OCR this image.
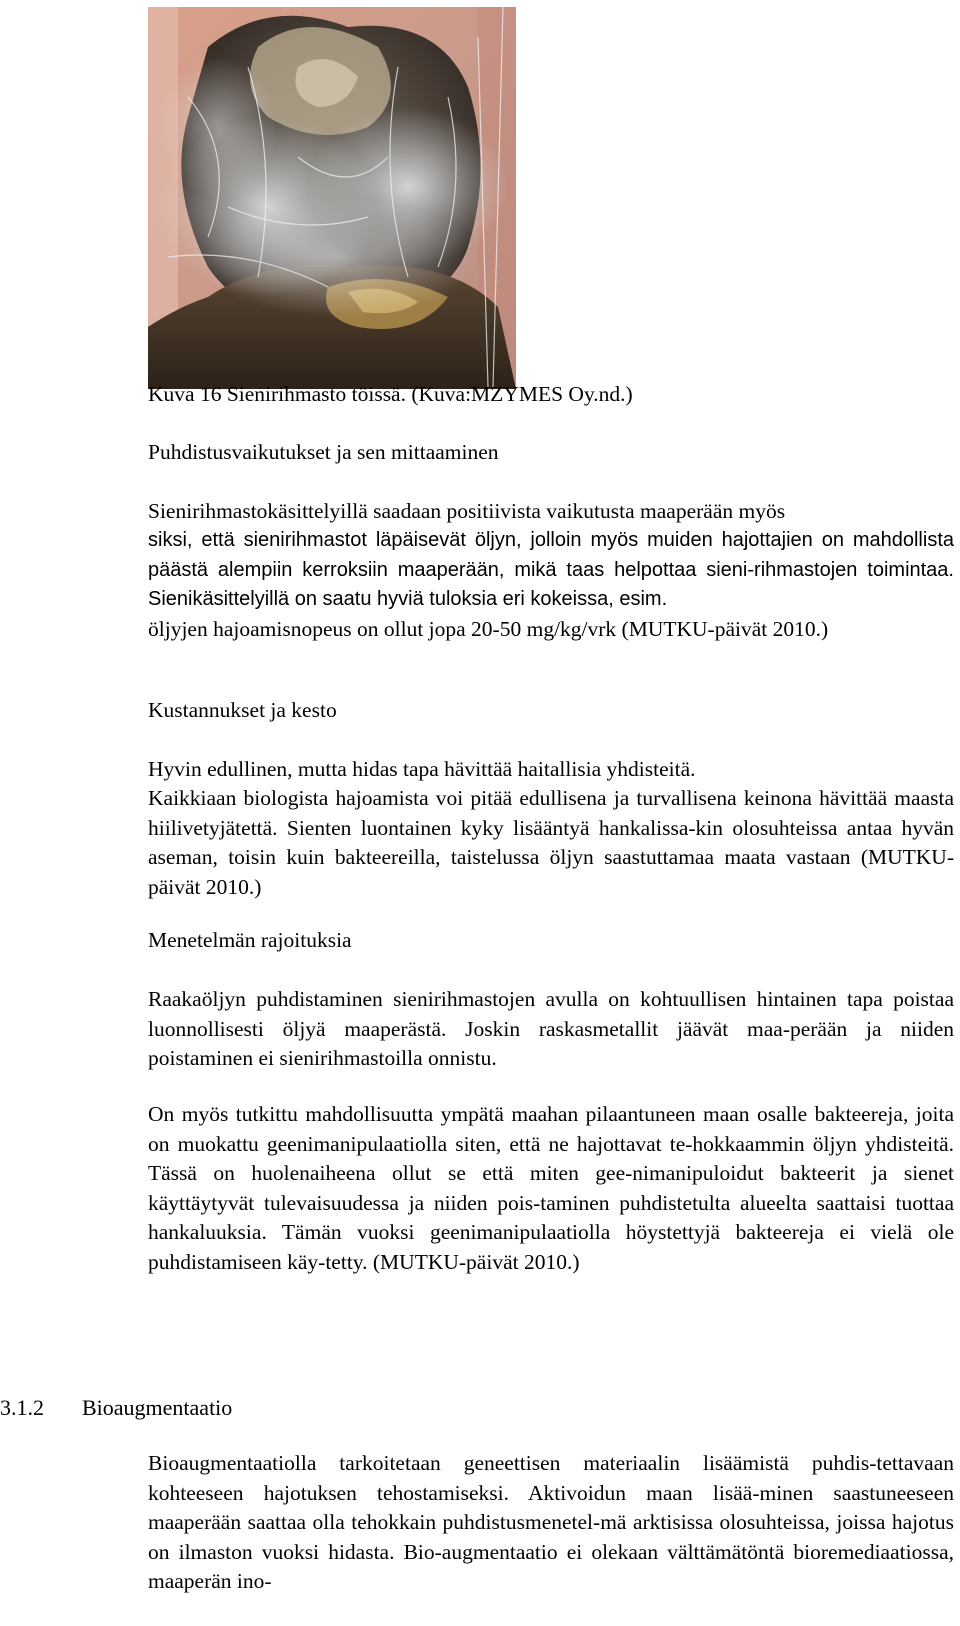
Kuva 16 Sienirihmasto töissä. (Kuva:MZYMES Oy.nd.)

Puhdistusvaikutukset ja sen mittaaminen

Sienirihmastokäsittelyillä saadaan positiivista vaikutusta maaperään myös

siksi, että sienirihmastot läpäisevät öljyn, jolloin myös muiden hajottajien on mahdollista päästä alempiin kerroksiin maaperään, mikä taas helpottaa sieni-rihmastojen toimintaa. Sienikäsittelyillä on saatu hyviä tuloksia eri kokeissa, esim.

öljyjen hajoamisnopeus on ollut jopa 20-50 mg/kg/vrk (MUTKU-päivät 2010.)

Kustannukset ja kesto

Hyvin edullinen, mutta hidas tapa hävittää haitallisia yhdisteitä.

Kaikkiaan biologista hajoamista voi pitää edullisena ja turvallisena keinona hävittää maasta hiilivetyjätettä. Sienten luontainen kyky lisääntyä hankalissa-kin olosuhteissa antaa hyvän aseman, toisin kuin bakteereilla, taistelussa öljyn saastuttamaa maata vastaan (MUTKU-päivät 2010.)

Menetelmän rajoituksia

Raakaöljyn puhdistaminen sienirihmastojen avulla on kohtuullisen hintainen tapa poistaa luonnollisesti öljyä maaperästä. Joskin raskasmetallit jäävät maa-perään ja niiden poistaminen ei sienirihmastoilla onnistu.

On myös tutkittu mahdollisuutta ympätä maahan pilaantuneen maan osalle bakteereja, joita on muokattu geenimanipulaatiolla siten, että ne hajottavat te-hokkaammin öljyn yhdisteitä. Tässä on huolenaiheena ollut se että miten gee-nimanipuloidut bakteerit ja sienet käyttäytyvät tulevaisuudessa ja niiden pois-taminen puhdistetulta alueelta saattaisi tuottaa hankaluuksia. Tämän vuoksi geenimanipulaatiolla höystettyjä bakteereja ei vielä ole puhdistamiseen käy-tetty. (MUTKU-päivät 2010.)

3.1.2 Bioaugmentaatio

Bioaugmentaatiolla tarkoitetaan geneettisen materiaalin lisäämistä puhdis-tettavaan kohteeseen hajotuksen tehostamiseksi. Aktivoidun maan lisää-minen saastuneeseen maaperään saattaa olla tehokkain puhdistusmenetel-mä arktisissa olosuhteissa, joissa hajotus on ilmaston vuoksi hidasta. Bio-augmentaatio ei olekaan välttämätöntä bioremediaatiossa, maaperän ino-
